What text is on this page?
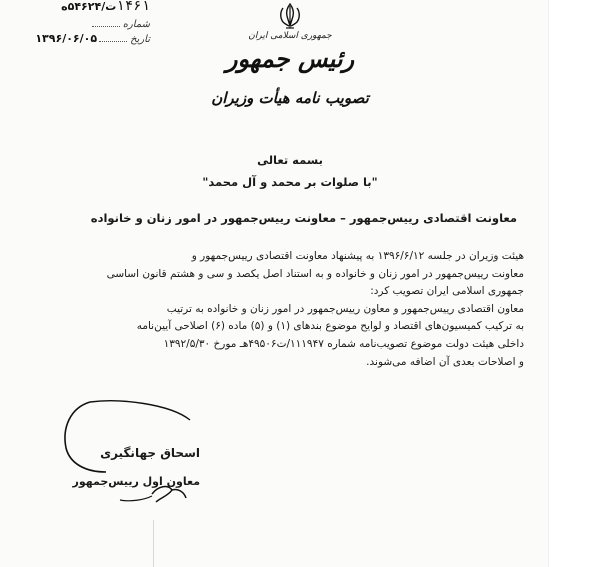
۱۴۶۱
۵۴۶۲۴/ت
ه
شماره
تاریخ
۱۳۹۶/۰۶/۰۵	جمهوری اسلامی ایران
رئیس جمهور
تصویب نامه هیأت وزیران
بسمه تعالی
"با صلوات بر محمد و آل محمد"
معاونت اقتصادی رییس‌جمهور – معاونت رییس‌جمهور در امور زنان و خانواده

هیئت وزیران در جلسه ۱۳۹۶/۶/۱۲ به پیشنهاد معاونت اقتصادی رییس‌جمهور و

معاونت رییس‌جمهور در امور زنان و خانواده و به استناد اصل یکصد و سی و هشتم قانون اساسی

جمهوری اسلامی ایران تصویب کرد:

معاون اقتصادی رییس‌جمهور و معاون رییس‌جمهور در امور زنان و خانواده به ترتیب

به ترکیب کمیسیون‌های اقتصاد و لوایح موضوع بندهای (۱) و (۵) ماده (۶) اصلاحی آیین‌نامه

داخلی هیئت دولت موضوع تصویب‌نامه شماره ۱۱۱۹۴۷/ت۴۹۵۰۶هـ مورخ ۱۳۹۲/۵/۳۰

و اصلاحات بعدی آن اضافه می‌شوند.

اسحاق جهانگیری
معاون اول رییس‌جمهور
